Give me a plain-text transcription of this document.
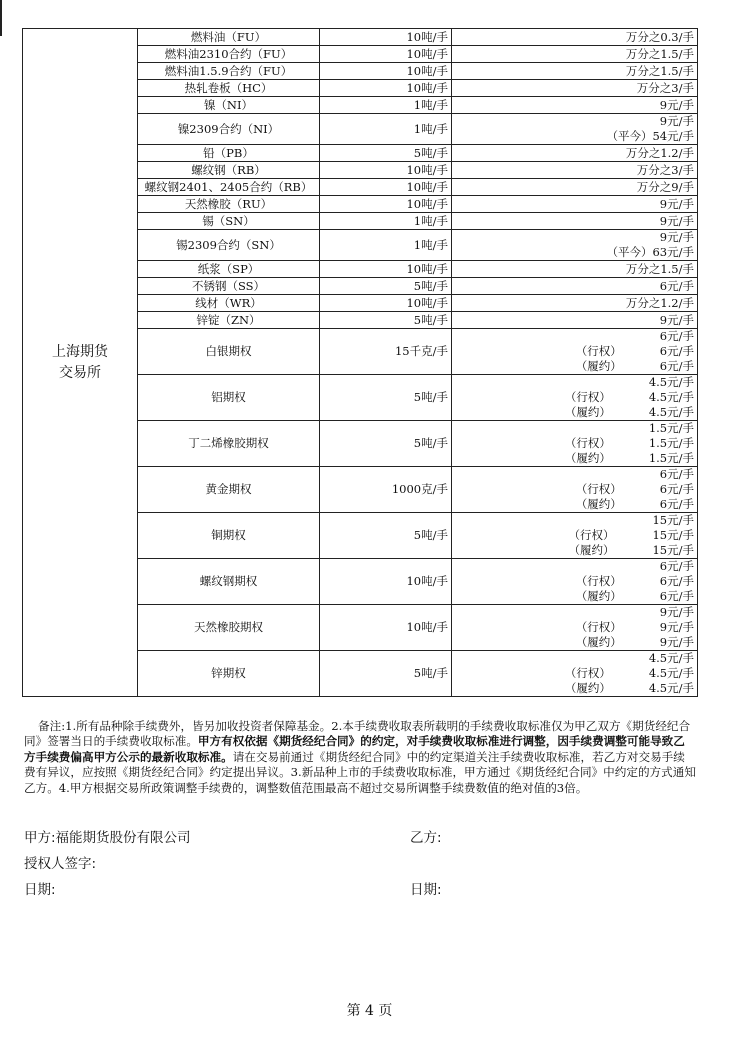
上海期货交易所	燃料油（FU）	10吨/手	万分之0.3/手

	燃料油2310合约（FU）	10吨/手	万分之1.5/手

	燃料油1.5.9合约（FU）	10吨/手	万分之1.5/手

	热轧卷板（HC）	10吨/手	万分之3/手

	镍（NI）	1吨/手	9元/手

	镍2309合约（NI）	1吨/手	9元/手
（平今）54元/手

	铅（PB）	5吨/手	万分之1.2/手

	螺纹钢（RB）	10吨/手	万分之3/手

	螺纹钢2401、2405合约（RB）	10吨/手	万分之9/手

	天然橡胶（RU）	10吨/手	9元/手

	锡（SN）	1吨/手	9元/手

	锡2309合约（SN）	1吨/手	9元/手
（平今）63元/手

	纸浆（SP）	10吨/手	万分之1.5/手

	不锈钢（SS）	5吨/手	6元/手

	线材（WR）	10吨/手	万分之1.2/手

	锌锭（ZN）	5吨/手	9元/手

	白银期权	15千克/手	6元/手
（行权） 6元/手
（履约） 6元/手

	铝期权	5吨/手	4.5元/手
（行权） 4.5元/手
（履约） 4.5元/手

	丁二烯橡胶期权	5吨/手	1.5元/手
（行权） 1.5元/手
（履约） 1.5元/手

	黄金期权	1000克/手	6元/手
（行权） 6元/手
（履约） 6元/手

	铜期权	5吨/手	15元/手
（行权） 15元/手
（履约） 15元/手

	螺纹钢期权	10吨/手	6元/手
（行权） 6元/手
（履约） 6元/手

	天然橡胶期权	10吨/手	9元/手
（行权） 9元/手
（履约） 9元/手

	锌期权	5吨/手	4.5元/手
（行权） 4.5元/手
（履约） 4.5元/手
备注:1.所有品种除手续费外，皆另加收投资者保障基金。2.本手续费收取表所载明的手续费收取标准仅为甲乙双方《期货经纪合同》签署当日的手续费收取标准。甲方有权依据《期货经纪合同》的约定，对手续费收取标准进行调整，因手续费调整可能导致乙方手续费偏高甲方公示的最新收取标准。请在交易前通过《期货经纪合同》中的约定渠道关注手续费收取标准，若乙方对交易手续费有异议，应按照《期货经纪合同》约定提出异议。3.新品种上市的手续费收取标准，甲方通过《期货经纪合同》中约定的方式通知乙方。4.甲方根据交易所政策调整手续费的，调整数值范围最高不超过交易所调整手续费数值的绝对值的3倍。
甲方:福能期货股份有限公司	乙方:
授权人签字:
日期:	日期:
第 4 页
